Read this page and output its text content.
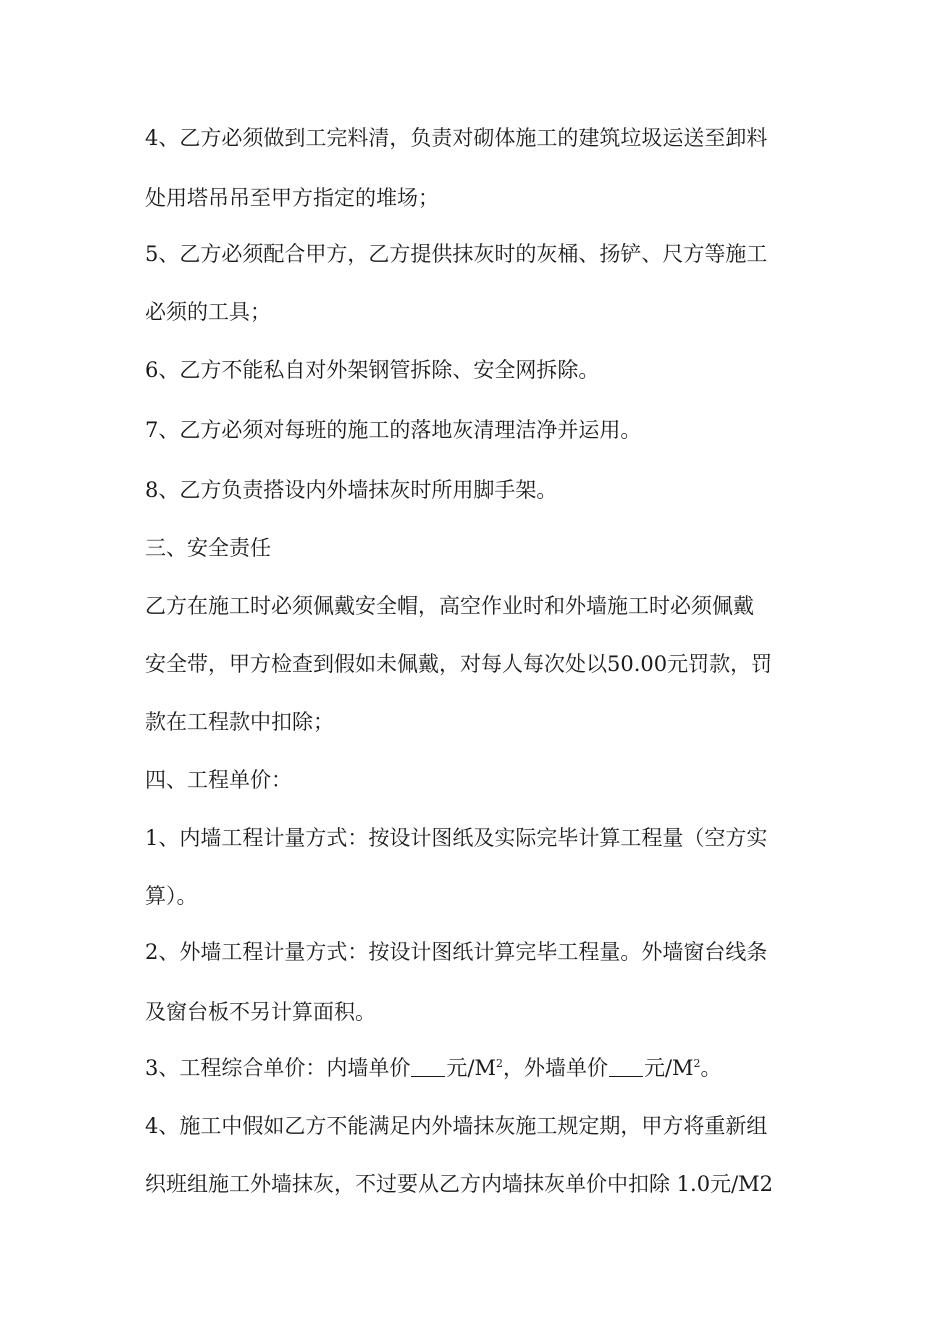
4、乙方必须做到工完料清，负责对砌体施工的建筑垃圾运送至卸料
处用塔吊吊至甲方指定的堆场；
5、乙方必须配合甲方，乙方提供抹灰时的灰桶、扬铲、尺方等施工
必须的工具；
6、乙方不能私自对外架钢管拆除、安全网拆除。
7、乙方必须对每班的施工的落地灰清理洁净并运用。
8、乙方负责搭设内外墙抹灰时所用脚手架。
三、安全责任
乙方在施工时必须佩戴安全帽，高空作业时和外墙施工时必须佩戴
安全带，甲方检查到假如未佩戴，对每人每次处以50.00元罚款，罚
款在工程款中扣除；
四、工程单价：
1、内墙工程计量方式：按设计图纸及实际完毕计算工程量（空方实
算）。
2、外墙工程计量方式：按设计图纸计算完毕工程量。外墙窗台线条
及窗台板不另计算面积。
3、工程综合单价：内墙单价 元$/M^2$，外墙单价 元$/M^2$。
4、施工中假如乙方不能满足内外墙抹灰施工规定期，甲方将重新组
织班组施工外墙抹灰，不过要从乙方内墙抹灰单价中扣除 1.0元/M2
